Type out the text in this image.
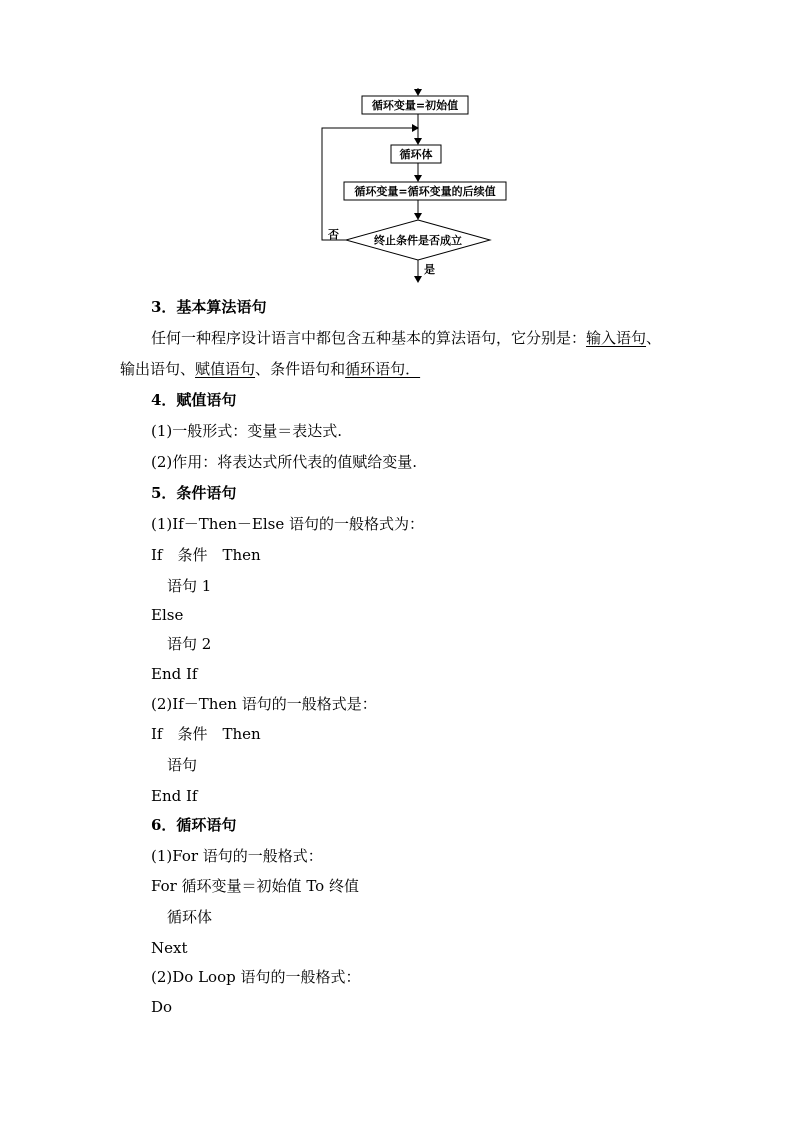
循环变量=初始值
循环体
循环变量=循环变量的后续值
终止条件是否成立
否
是
3．基本算法语句
任何一种程序设计语言中都包含五种基本的算法语句，它分别是：输入语句、
输出语句、赋值语句、条件语句和循环语句．
4．赋值语句
(1)一般形式：变量＝表达式.
(2)作用：将表达式所代表的值赋给变量.
5．条件语句
(1)If－Then－Else 语句的一般格式为：
If　条件　Then
语句 1
Else
语句 2
End If
(2)If－Then 语句的一般格式是：
If　条件　Then
语句
End If
6．循环语句
(1)For 语句的一般格式：
For 循环变量＝初始值 To 终值
循环体
Next
(2)Do Loop 语句的一般格式：
Do
